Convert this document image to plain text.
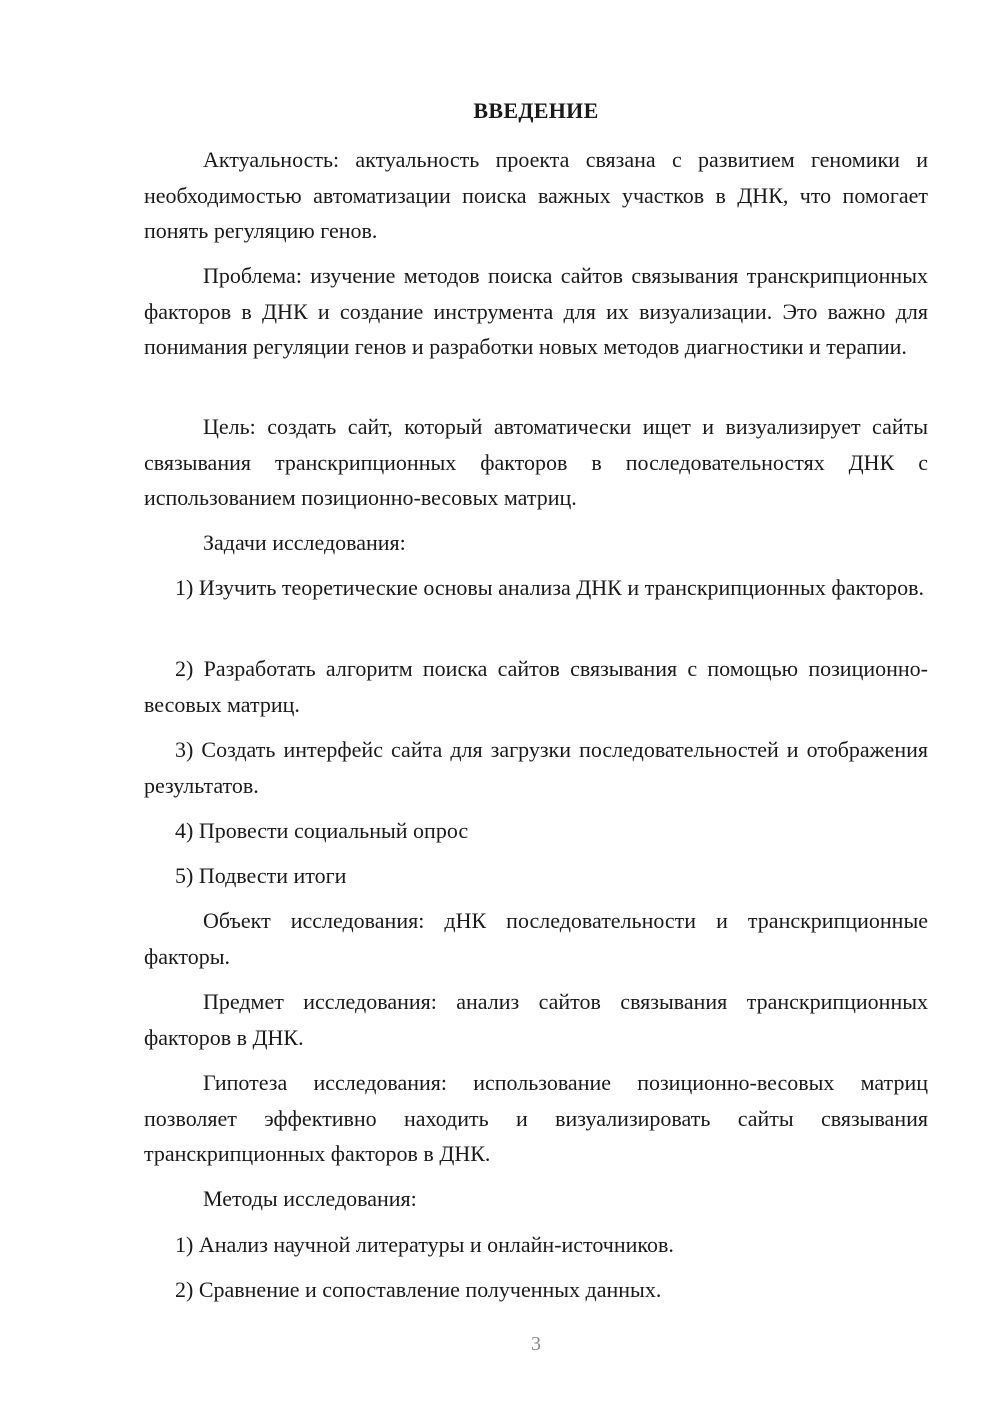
ВВЕДЕНИЕ

Актуальность: актуальность проекта связана с развитием геномики и необходимостью автоматизации поиска важных участков в ДНК, что помогает понять регуляцию генов.

Проблема: изучение методов поиска сайтов связывания транскрипционных факторов в ДНК и создание инструмента для их визуализации. Это важно для понимания регуляции генов и разработки новых методов диагностики и терапии.

Цель: создать сайт, который автоматически ищет и визуализирует сайты связывания транскрипционных факторов в последовательностях ДНК с использованием позиционно-весовых матриц.

Задачи исследования:

1) Изучить теоретические основы анализа ДНК и транскрипционных факторов.

2) Разработать алгоритм поиска сайтов связывания с помощью позиционно-весовых матриц.

3) Создать интерфейс сайта для загрузки последовательностей и отображения результатов.

4) Провести социальный опрос

5) Подвести итоги

Объект исследования: дНК последовательности и транскрипционные факторы.

Предмет исследования: анализ сайтов связывания транскрипционных факторов в ДНК.

Гипотеза исследования: использование позиционно-весовых матриц позволяет эффективно находить и визуализировать сайты связывания транскрипционных факторов в ДНК.

Методы исследования:

1) Анализ научной литературы и онлайн-источников.

2) Сравнение и сопоставление полученных данных.

3
